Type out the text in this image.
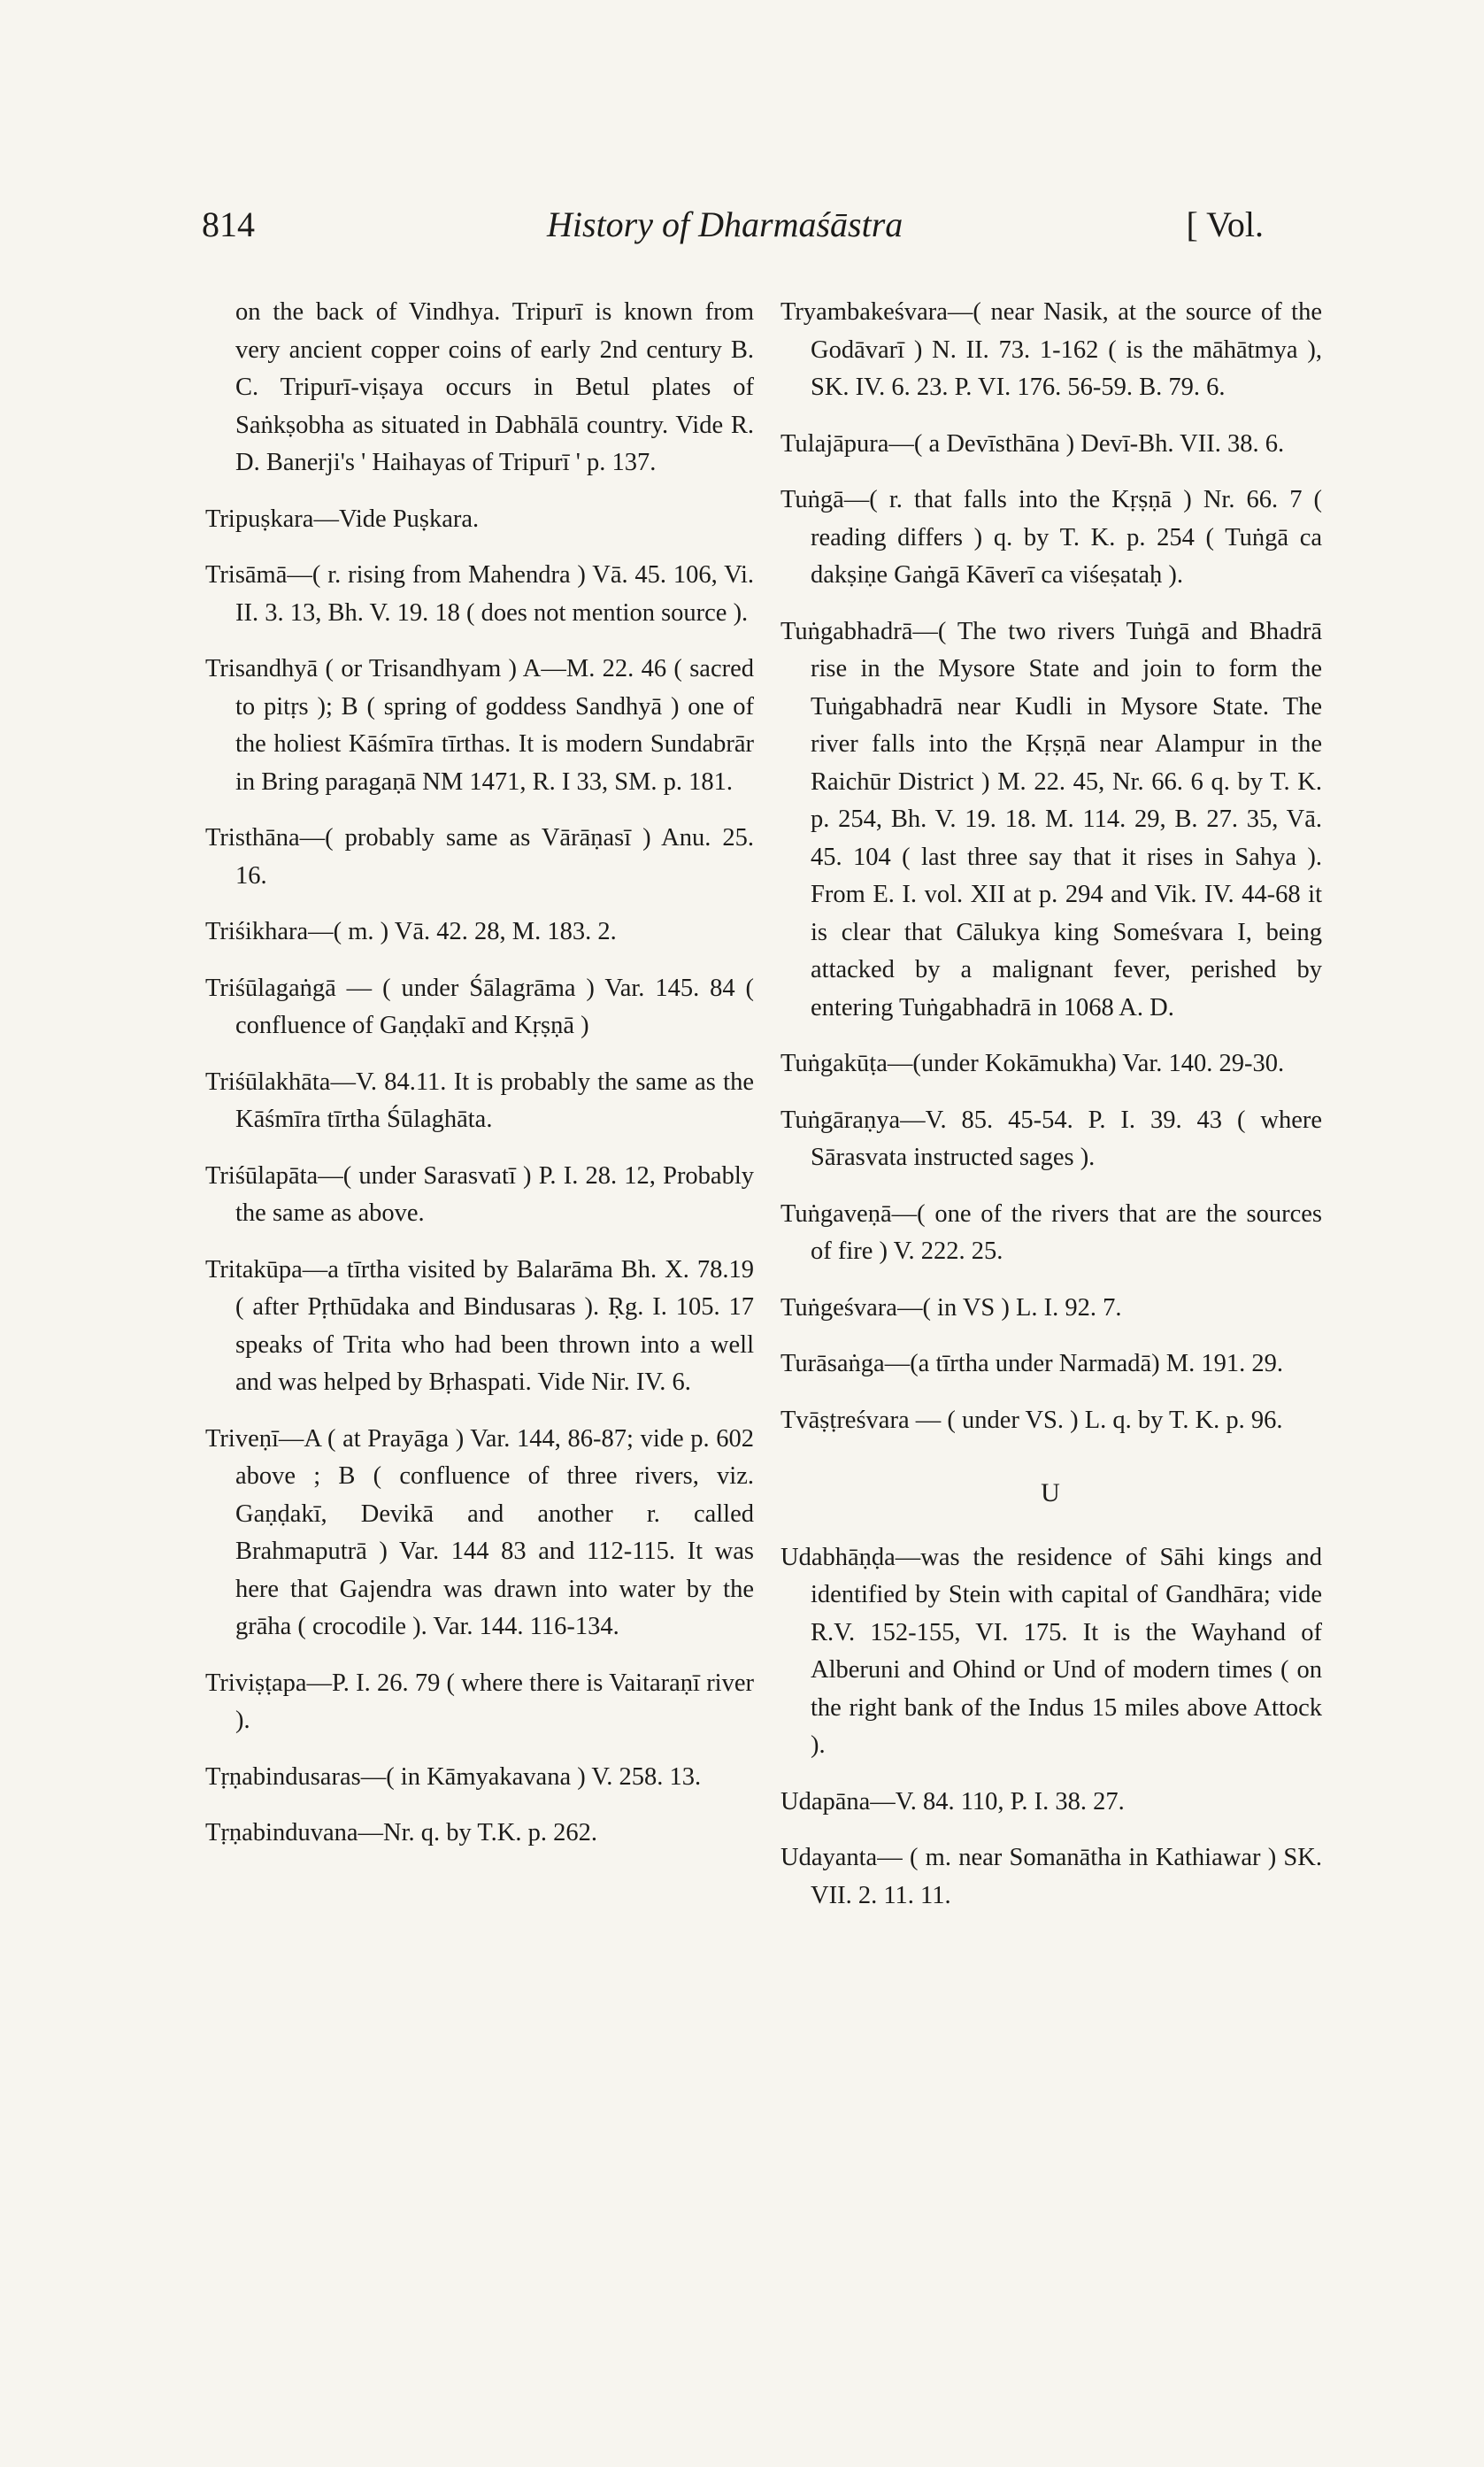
814	History of Dharmaśāstra	[ Vol.

on the back of Vindhya. Tripurī is known from very ancient copper coins of early 2nd century B. C. Tripurī-viṣaya occurs in Betul plates of Saṅkṣobha as situated in Dabhālā country. Vide R. D. Banerji's ' Haihayas of Tripurī ' p. 137.

Tripuṣkara—Vide Puṣkara.

Trisāmā—( r. rising from Mahendra ) Vā. 45. 106, Vi. II. 3. 13, Bh. V. 19. 18 ( does not mention source ).

Trisandhyā ( or Trisandhyam ) A—M. 22. 46 ( sacred to pitṛs ); B ( spring of goddess Sandhyā ) one of the holiest Kāśmīra tīrthas. It is modern Sundabrār in Bring paragaṇā NM 1471, R. I 33, SM. p. 181.

Tristhāna—( probably same as Vārāṇasī ) Anu. 25. 16.

Triśikhara—( m. ) Vā. 42. 28, M. 183. 2.

Triśūlagaṅgā — ( under Śālagrāma ) Var. 145. 84 ( confluence of Gaṇḍakī and Kṛṣṇā )

Triśūlakhāta—V. 84.11. It is probably the same as the Kāśmīra tīrtha Śūlaghāta.

Triśūlapāta—( under Sarasvatī ) P. I. 28. 12, Probably the same as above.

Tritakūpa—a tīrtha visited by Balarāma Bh. X. 78.19 ( after Pṛthūdaka and Bindusaras ). Ṛg. I. 105. 17 speaks of Trita who had been thrown into a well and was helped by Bṛhaspati. Vide Nir. IV. 6.

Triveṇī—A ( at Prayāga ) Var. 144, 86-87; vide p. 602 above ; B ( confluence of three rivers, viz. Gaṇḍakī, Devikā and another r. called Brahmaputrā ) Var. 144 83 and 112-115. It was here that Gajendra was drawn into water by the grāha ( crocodile ). Var. 144. 116-134.

Triviṣṭapa—P. I. 26. 79 ( where there is Vaitaraṇī river ).

Tṛṇabindusaras—( in Kāmyakavana ) V. 258. 13.

Tṛṇabinduvana—Nr. q. by T.K. p. 262.

Tryambakeśvara—( near Nasik, at the source of the Godāvarī ) N. II. 73. 1-162 ( is the māhātmya ), SK. IV. 6. 23. P. VI. 176. 56-59. B. 79. 6.

Tulajāpura—( a Devīsthāna ) Devī-Bh. VII. 38. 6.

Tuṅgā—( r. that falls into the Kṛṣṇā ) Nr. 66. 7 ( reading differs ) q. by T. K. p. 254 ( Tuṅgā ca dakṣiṇe Gaṅgā Kāverī ca viśeṣataḥ ).

Tuṅgabhadrā—( The two rivers Tuṅgā and Bhadrā rise in the Mysore State and join to form the Tuṅgabhadrā near Kudli in Mysore State. The river falls into the Kṛṣṇā near Alampur in the Raichūr District ) M. 22. 45, Nr. 66. 6 q. by T. K. p. 254, Bh. V. 19. 18. M. 114. 29, B. 27. 35, Vā. 45. 104 ( last three say that it rises in Sahya ). From E. I. vol. XII at p. 294 and Vik. IV. 44-68 it is clear that Cālukya king Someśvara I, being attacked by a malignant fever, perished by entering Tuṅgabhadrā in 1068 A. D.

Tuṅgakūṭa—(under Kokāmukha) Var. 140. 29-30.

Tuṅgāraṇya—V. 85. 45-54. P. I. 39. 43 ( where Sārasvata instructed sages ).

Tuṅgaveṇā—( one of the rivers that are the sources of fire ) V. 222. 25.

Tuṅgeśvara—( in VS ) L. I. 92. 7.

Turāsaṅga—(a tīrtha under Narmadā) M. 191. 29.

Tvāṣṭreśvara — ( under VS. ) L. q. by T. K. p. 96.

U

Udabhāṇḍa—was the residence of Sāhi kings and identified by Stein with capital of Gandhāra; vide R.V. 152-155, VI. 175. It is the Wayhand of Alberuni and Ohind or Und of modern times ( on the right bank of the Indus 15 miles above Attock ).

Udapāna—V. 84. 110, P. I. 38. 27.

Udayanta— ( m. near Somanātha in Kathiawar ) SK. VII. 2. 11. 11.
